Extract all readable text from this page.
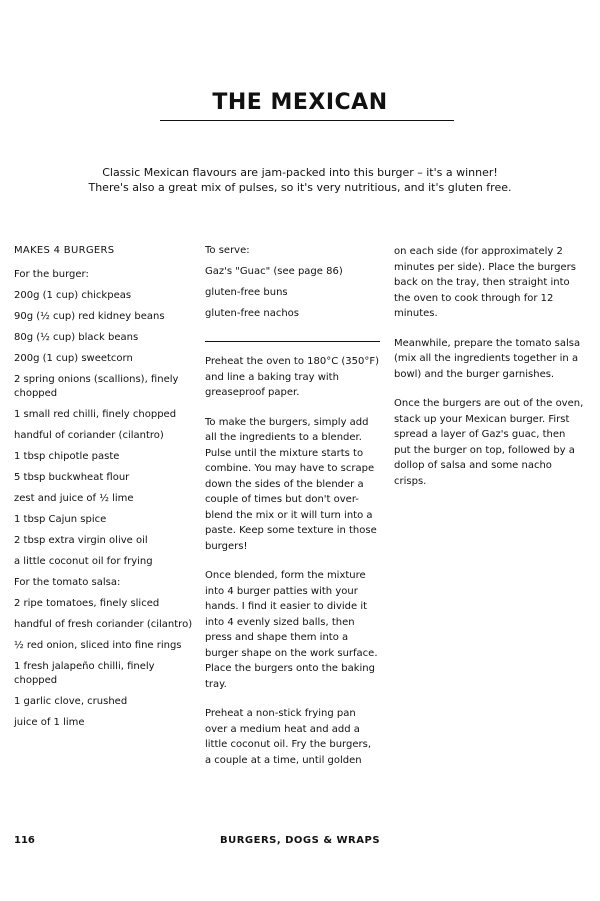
THE MEXICAN
Classic Mexican flavours are jam-packed into this burger – it's a winner!
There's also a great mix of pulses, so it's very nutritious, and it's gluten free.
MAKES 4 BURGERS
For the burger:
200g (1 cup) chickpeas
90g (½ cup) red kidney beans
80g (½ cup) black beans
200g (1 cup) sweetcorn
2 spring onions (scallions), finely chopped
1 small red chilli, finely chopped
handful of coriander (cilantro)
1 tbsp chipotle paste
5 tbsp buckwheat flour
zest and juice of ½ lime
1 tbsp Cajun spice
2 tbsp extra virgin olive oil
a little coconut oil for frying
For the tomato salsa:
2 ripe tomatoes, finely sliced
handful of fresh coriander (cilantro)
½ red onion, sliced into fine rings
1 fresh jalapeño chilli, finely chopped
1 garlic clove, crushed
juice of 1 lime
To serve:
Gaz's "Guac" (see page 86)
gluten-free buns
gluten-free nachos
Preheat the oven to 180°C (350°F) and line a baking tray with greaseproof paper.
To make the burgers, simply add all the ingredients to a blender. Pulse until the mixture starts to combine. You may have to scrape down the sides of the blender a couple of times but don't over-blend the mix or it will turn into a paste. Keep some texture in those burgers!
Once blended, form the mixture into 4 burger patties with your hands. I find it easier to divide it into 4 evenly sized balls, then press and shape them into a burger shape on the work surface. Place the burgers onto the baking tray.
Preheat a non-stick frying pan over a medium heat and add a little coconut oil. Fry the burgers, a couple at a time, until golden
on each side (for approximately 2 minutes per side). Place the burgers back on the tray, then straight into the oven to cook through for 12 minutes.
Meanwhile, prepare the tomato salsa (mix all the ingredients together in a bowl) and the burger garnishes.
Once the burgers are out of the oven, stack up your Mexican burger. First spread a layer of Gaz's guac, then put the burger on top, followed by a dollop of salsa and some nacho crisps.
116	BURGERS, DOGS & WRAPS
